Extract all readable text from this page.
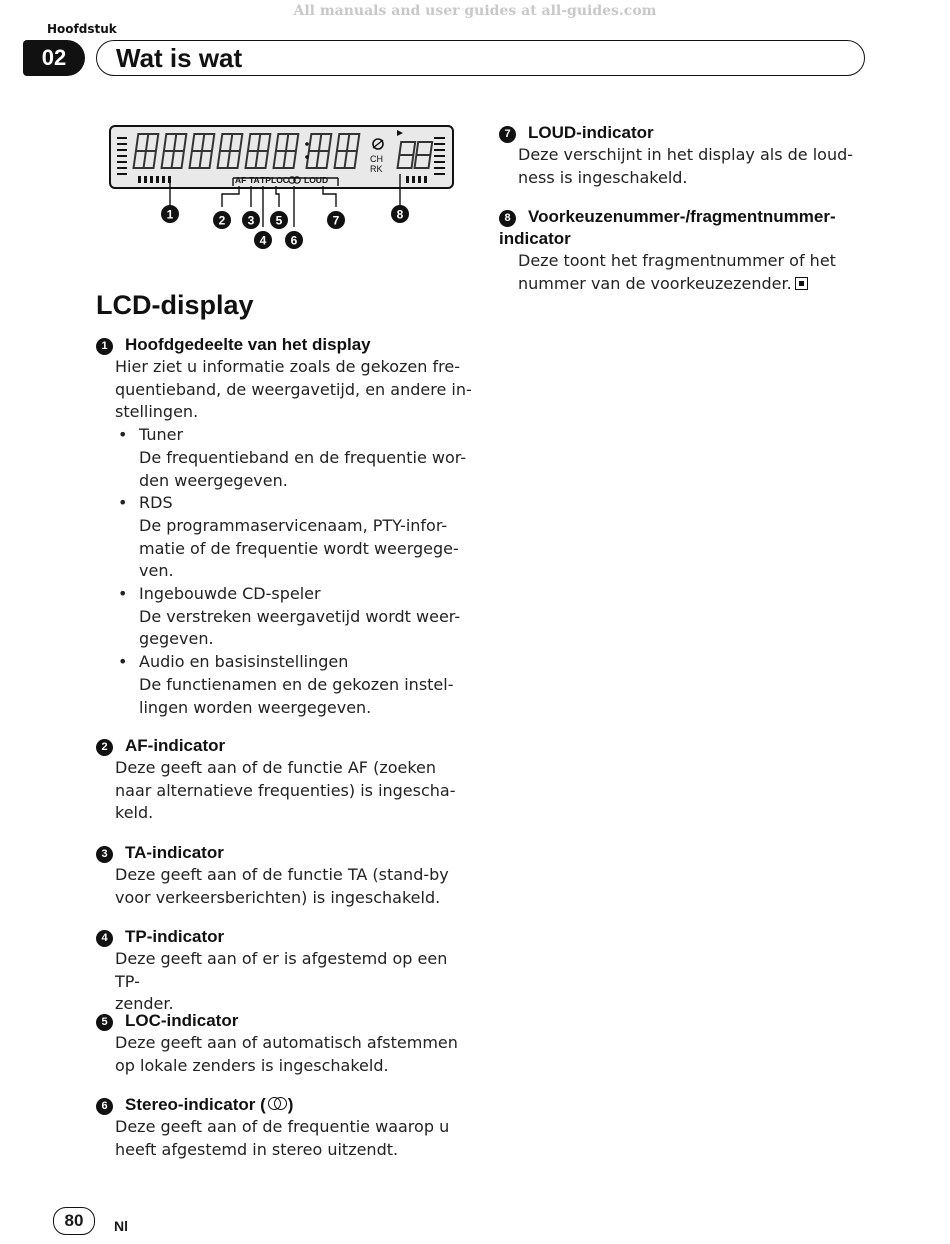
All manuals and user guides at all-guides.com
Hoofdstuk
02	Wat is wat
CH
RK
AF TA TP LOC LOUD
1	2 3
4
5
6
7	8
LCD-display

1 Hoofdgedeelte van het display

Hier ziet u informatie zoals de gekozen fre-
quentieband, de weergavetijd, en andere in-
stellingen.

• Tuner
De frequentieband en de frequentie wor-
den weergegeven.
• RDS
De programmaservicenaam, PTY-infor-
matie of de frequentie wordt weergege-
ven.
• Ingebouwde CD-speler
De verstreken weergavetijd wordt weer-
gegeven.
• Audio en basisinstellingen
De functienamen en de gekozen instel-
lingen worden weergegeven.

2 AF-indicator

Deze geeft aan of de functie AF (zoeken
naar alternatieve frequenties) is ingescha-
keld.

3 TA-indicator

Deze geeft aan of de functie TA (stand-by
voor verkeersberichten) is ingeschakeld.

4 TP-indicator

Deze geeft aan of er is afgestemd op een TP-
zender.

5 LOC-indicator

Deze geeft aan of automatisch afstemmen
op lokale zenders is ingeschakeld.

6 Stereo-indicator ( )

Deze geeft aan of de frequentie waarop u
heeft afgestemd in stereo uitzendt.

7 LOUD-indicator

Deze verschijnt in het display als de loud-
ness is ingeschakeld.

8 Voorkeuzenummer-/fragmentnummer-
indicator

Deze toont het fragmentnummer of het
nummer van de voorkeuzezender.

80	Nl
